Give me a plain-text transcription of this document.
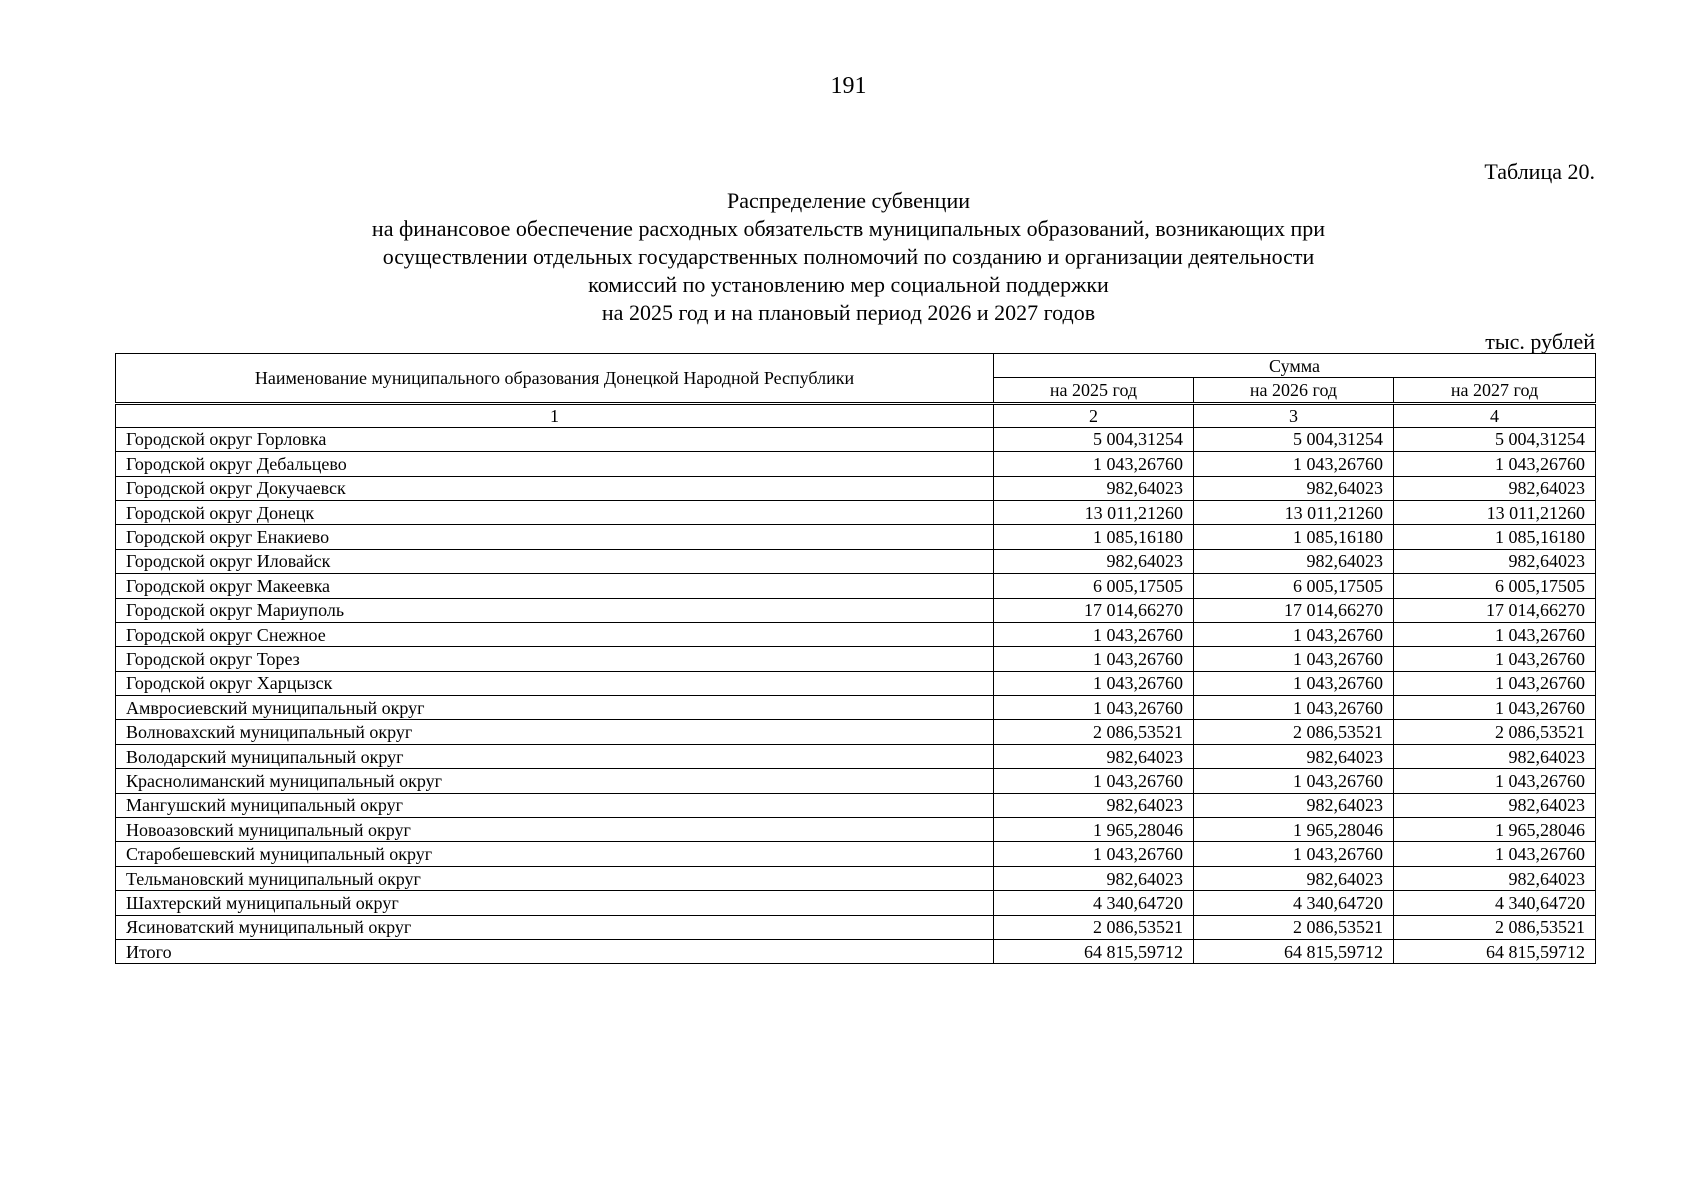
191
Таблица 20.
Распределение субвенции
на финансовое обеспечение расходных обязательств муниципальных образований, возникающих при
осуществлении отдельных государственных полномочий по созданию и организации деятельности
комиссий по установлению мер социальной поддержки
на 2025 год и на плановый период 2026 и 2027 годов
тыс. рублей
Наименование муниципального образования Донецкой Народной Республики	Сумма		
	на 2025 год	на 2026 год	на 2027 год
1	2	3	4
Городской округ Горловка	5 004,31254	5 004,31254	5 004,31254
Городской округ Дебальцево	1 043,26760	1 043,26760	1 043,26760
Городской округ Докучаевск	982,64023	982,64023	982,64023
Городской округ Донецк	13 011,21260	13 011,21260	13 011,21260
Городской округ Енакиево	1 085,16180	1 085,16180	1 085,16180
Городской округ Иловайск	982,64023	982,64023	982,64023
Городской округ Макеевка	6 005,17505	6 005,17505	6 005,17505
Городской округ Мариуполь	17 014,66270	17 014,66270	17 014,66270
Городской округ Снежное	1 043,26760	1 043,26760	1 043,26760
Городской округ Торез	1 043,26760	1 043,26760	1 043,26760
Городской округ Харцызск	1 043,26760	1 043,26760	1 043,26760
Амвросиевский муниципальный округ	1 043,26760	1 043,26760	1 043,26760
Волновахский муниципальный округ	2 086,53521	2 086,53521	2 086,53521
Володарский муниципальный округ	982,64023	982,64023	982,64023
Краснолиманский муниципальный округ	1 043,26760	1 043,26760	1 043,26760
Мангушский муниципальный округ	982,64023	982,64023	982,64023
Новоазовский муниципальный округ	1 965,28046	1 965,28046	1 965,28046
Старобешевский муниципальный округ	1 043,26760	1 043,26760	1 043,26760
Тельмановский муниципальный округ	982,64023	982,64023	982,64023
Шахтерский муниципальный округ	4 340,64720	4 340,64720	4 340,64720
Ясиноватский муниципальный округ	2 086,53521	2 086,53521	2 086,53521
Итого	64 815,59712	64 815,59712	64 815,59712
